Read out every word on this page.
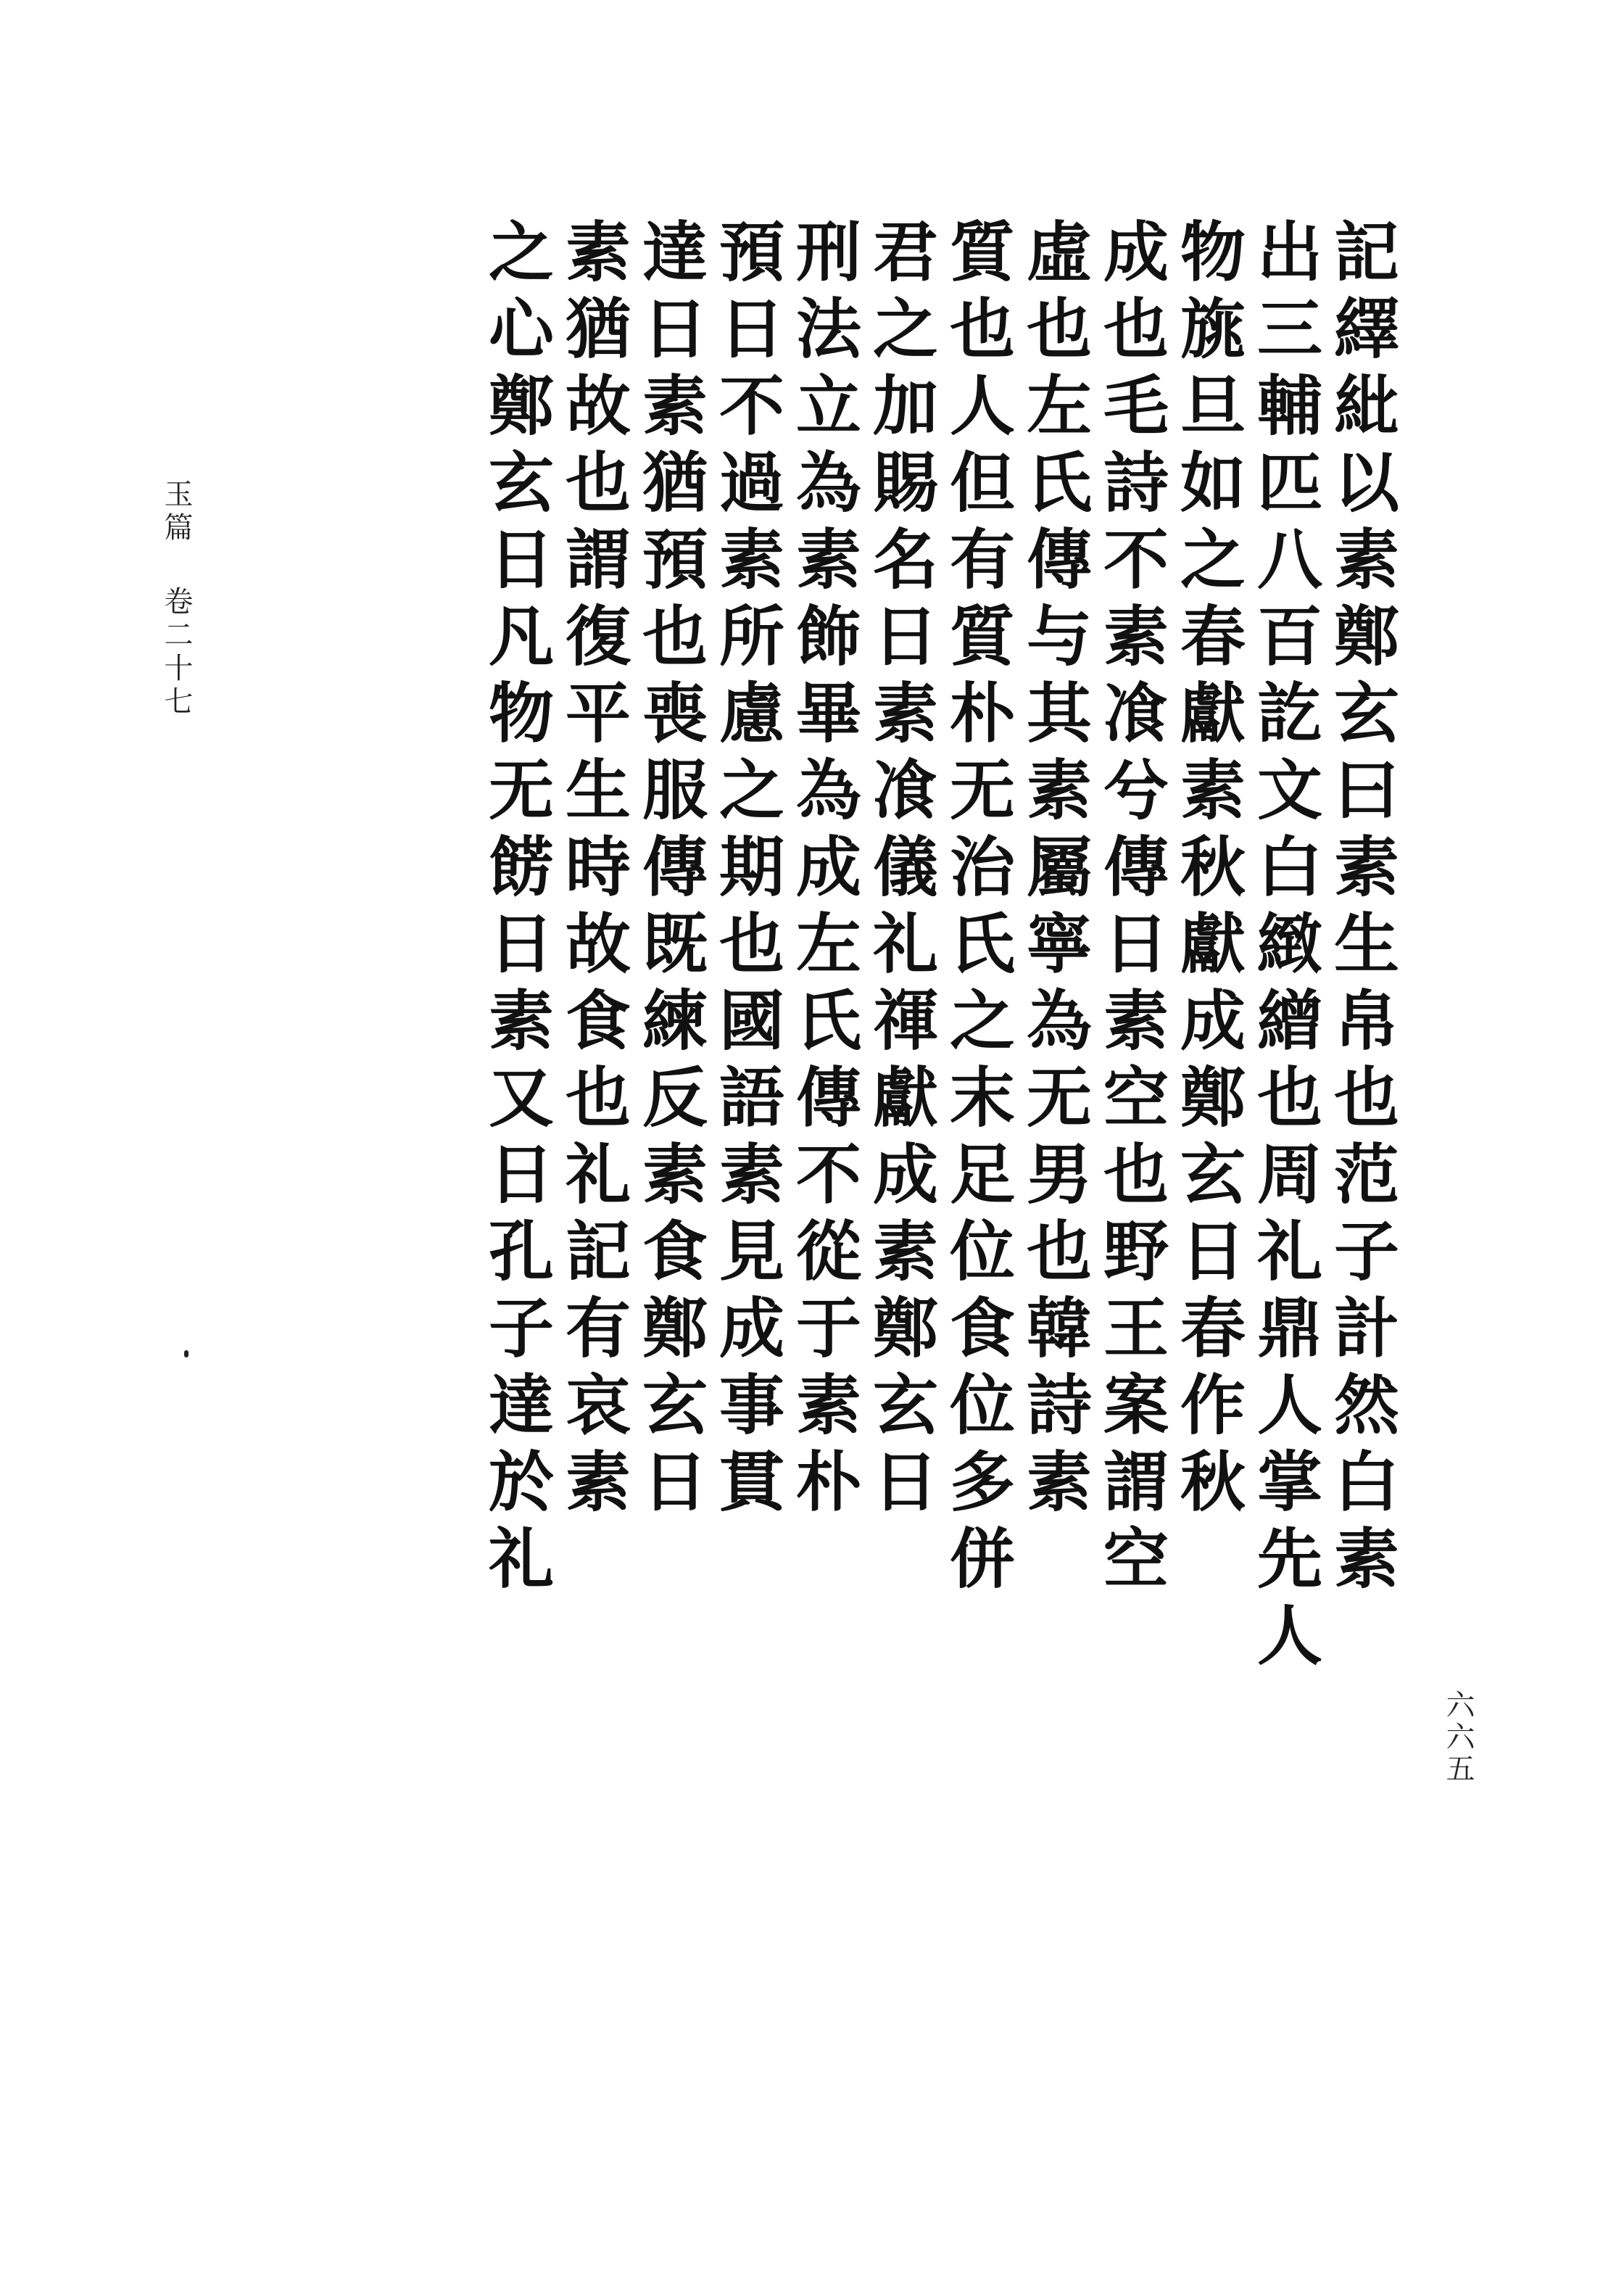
玉篇卷二十七
六六五
記繹紕以素鄭玄曰素生帛也范子計然白素
出三輔匹八百訖文白緻繒也周礼鼎人掌先人
物旐旦如之春獻素秋獻成鄭玄日春作秋
成也毛詩不素飡兮傳日素空也野王案謂空
虛也左氏傳与其素屬寧為无男也韓詩素
質也人但有質朴无治氏之末足位食位多併
君之加賜名日素飡儀礼禈獻成素鄭玄日
刑法立為素飾畢為成左氏傳不從于素朴
預日不過素所慮之期也國語素見成事貫
達日素猶預也喪服傳既練反素食鄭玄日
素猶故也謂復平生時故食也礼記有哀素
之心鄭玄日凡物无餝日素又日孔子達於礼
